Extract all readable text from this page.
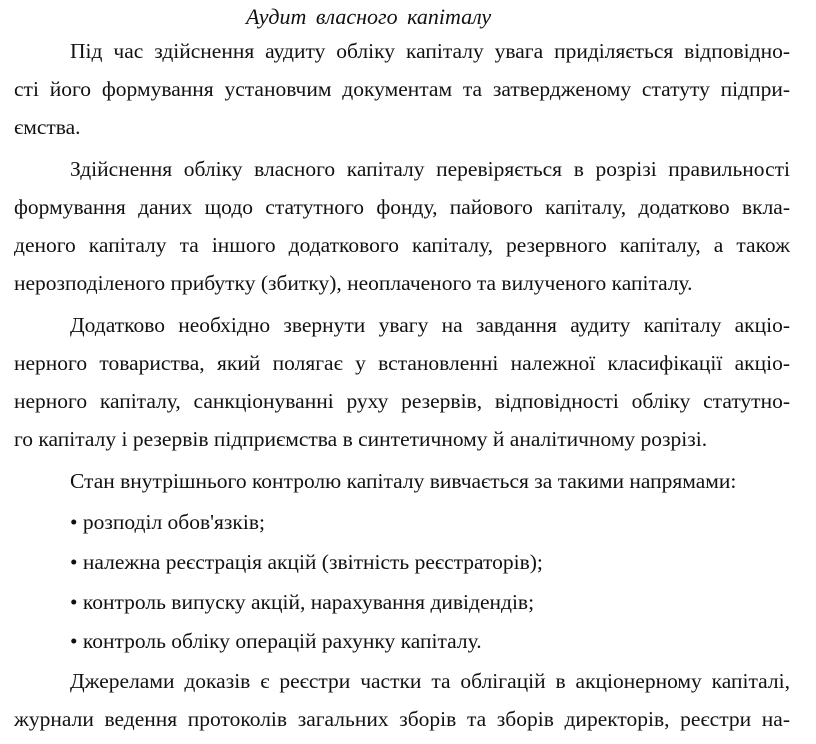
Аудит власного капіталу
Під час здійснення аудиту обліку капіталу увага приділяється відповідно-
сті його формування установчим документам та затвердженому статуту підпри-
ємства.
Здійснення обліку власного капіталу перевіряється в розрізі правильності
формування даних щодо статутного фонду, пайового капіталу, додатково вкла-
деного капіталу та іншого додаткового капіталу, резервного капіталу, а також
нерозподіленого прибутку (збитку), неоплаченого та вилученого капіталу.
Додатково необхідно звернути увагу на завдання аудиту капіталу акціо-
нерного товариства, який полягає у встановленні належної класифікації акціо-
нерного капіталу, санкціонуванні руху резервів, відповідності обліку статутно-
го капіталу і резервів підприємства в синтетичному й аналітичному розрізі.
Стан внутрішнього контролю капіталу вивчається за такими напрямами:
• розподіл обов'язків;
• належна реєстрація акцій (звітність реєстраторів);
• контроль випуску акцій, нарахування дивідендів;
• контроль обліку операцій рахунку капіталу.
Джерелами доказів є реєстри частки та облігацій в акціонерному капіталі,
журнали ведення протоколів загальних зборів та зборів директорів, реєстри на-
